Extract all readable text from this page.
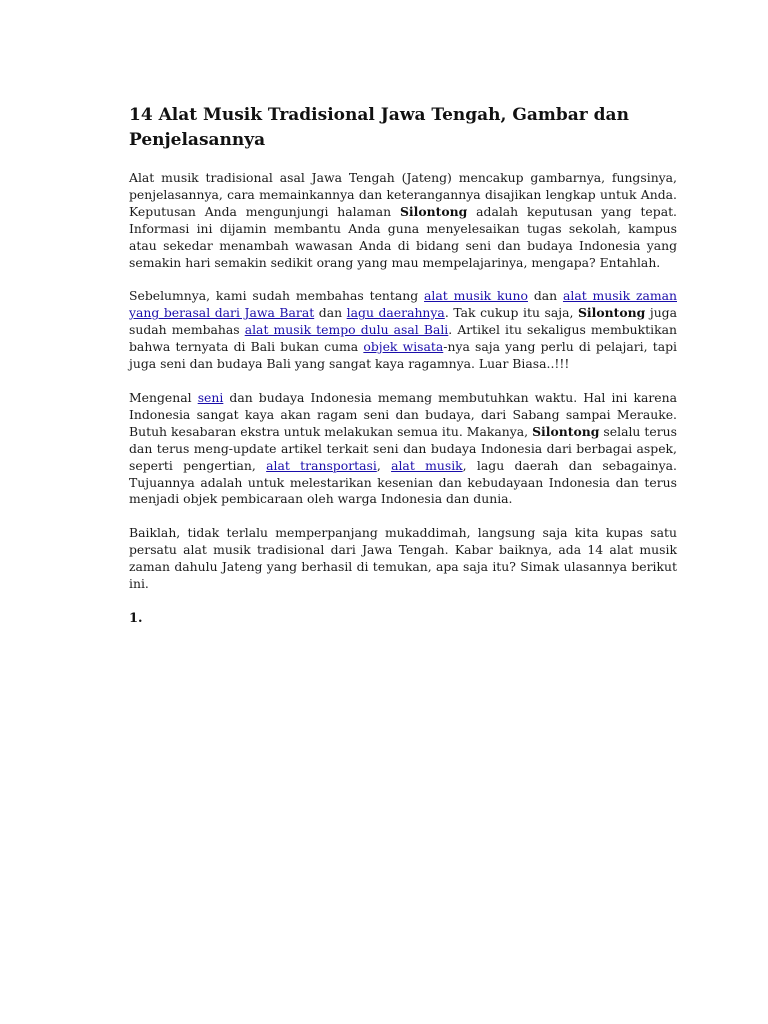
14 Alat Musik Tradisional Jawa Tengah, Gambar dan Penjelasannya

Alat musik tradisional asal Jawa Tengah (Jateng) mencakup gambarnya, fungsinya, penjelasannya, cara memainkannya dan keterangannya disajikan lengkap untuk Anda. Keputusan Anda mengunjungi halaman Silontong adalah keputusan yang tepat. Informasi ini dijamin membantu Anda guna menyelesaikan tugas sekolah, kampus atau sekedar menambah wawasan Anda di bidang seni dan budaya Indonesia yang semakin hari semakin sedikit orang yang mau mempelajarinya, mengapa? Entahlah.

Sebelumnya, kami sudah membahas tentang alat musik kuno dan alat musik zaman yang berasal dari Jawa Barat dan lagu daerahnya. Tak cukup itu saja, Silontong juga sudah membahas alat musik tempo dulu asal Bali. Artikel itu sekaligus membuktikan bahwa ternyata di Bali bukan cuma objek wisata-nya saja yang perlu di pelajari, tapi juga seni dan budaya Bali yang sangat kaya ragamnya. Luar Biasa..!!!

Mengenal seni dan budaya Indonesia memang membutuhkan waktu. Hal ini karena Indonesia sangat kaya akan ragam seni dan budaya, dari Sabang sampai Merauke. Butuh kesabaran ekstra untuk melakukan semua itu. Makanya, Silontong selalu terus dan terus meng-update artikel terkait seni dan budaya Indonesia dari berbagai aspek, seperti pengertian, alat transportasi, alat musik, lagu daerah dan sebagainya. Tujuannya adalah untuk melestarikan kesenian dan kebudayaan Indonesia dan terus menjadi objek pembicaraan oleh warga Indonesia dan dunia.

Baiklah, tidak terlalu memperpanjang mukaddimah, langsung saja kita kupas satu persatu alat musik tradisional dari Jawa Tengah. Kabar baiknya, ada 14 alat musik zaman dahulu Jateng yang berhasil di temukan, apa saja itu? Simak ulasannya berikut ini.

1.
